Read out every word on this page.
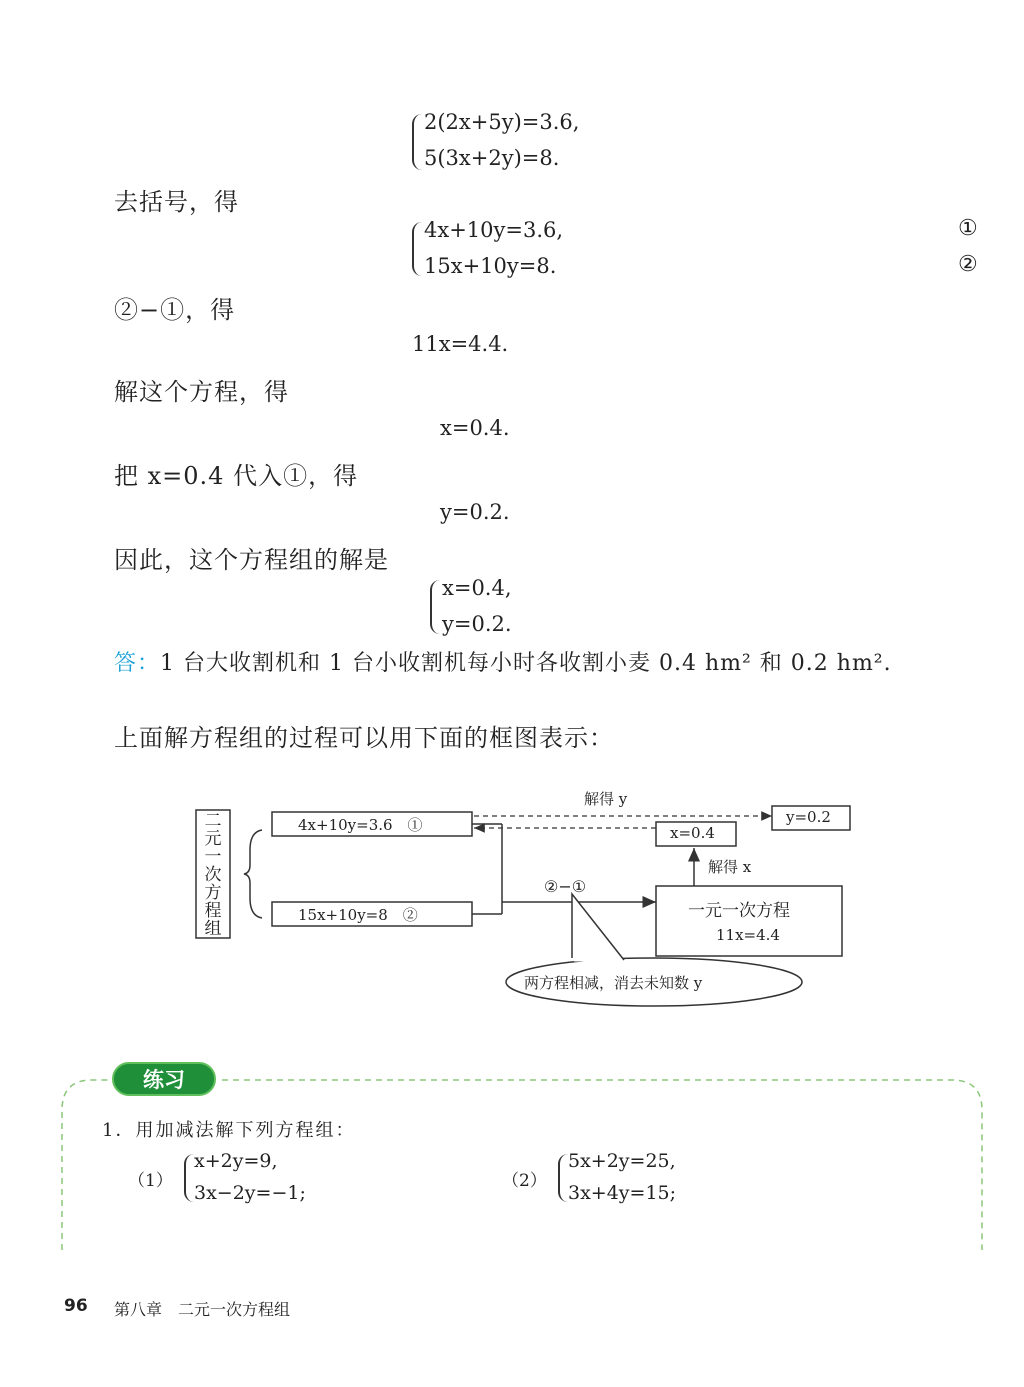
2(2x+5y)=3.6,
5(3x+2y)=8.
去括号，得
4x+10y=3.6,
15x+10y=8.
①
②
②−①，得
11x=4.4.
解这个方程，得
x=0.4.
把 x=0.4 代入①，得
y=0.2.
因此，这个方程组的解是
x=0.4,
y=0.2.
答：1 台大收割机和 1 台小收割机每小时各收割小麦 0.4 hm² 和 0.2 hm².
上面解方程组的过程可以用下面的框图表示：
二元一次方程组
4x+10y=3.6　①
15x+10y=8　②
②−①
解得 y
y=0.2
x=0.4
解得 x
一元一次方程
11x=4.4
两方程相减，消去未知数 y
练习
1．用加减法解下列方程组：
（1）
x+2y=9,
3x−2y=−1;
（2）
5x+2y=25,
3x+4y=15;
96 第八章　二元一次方程组
